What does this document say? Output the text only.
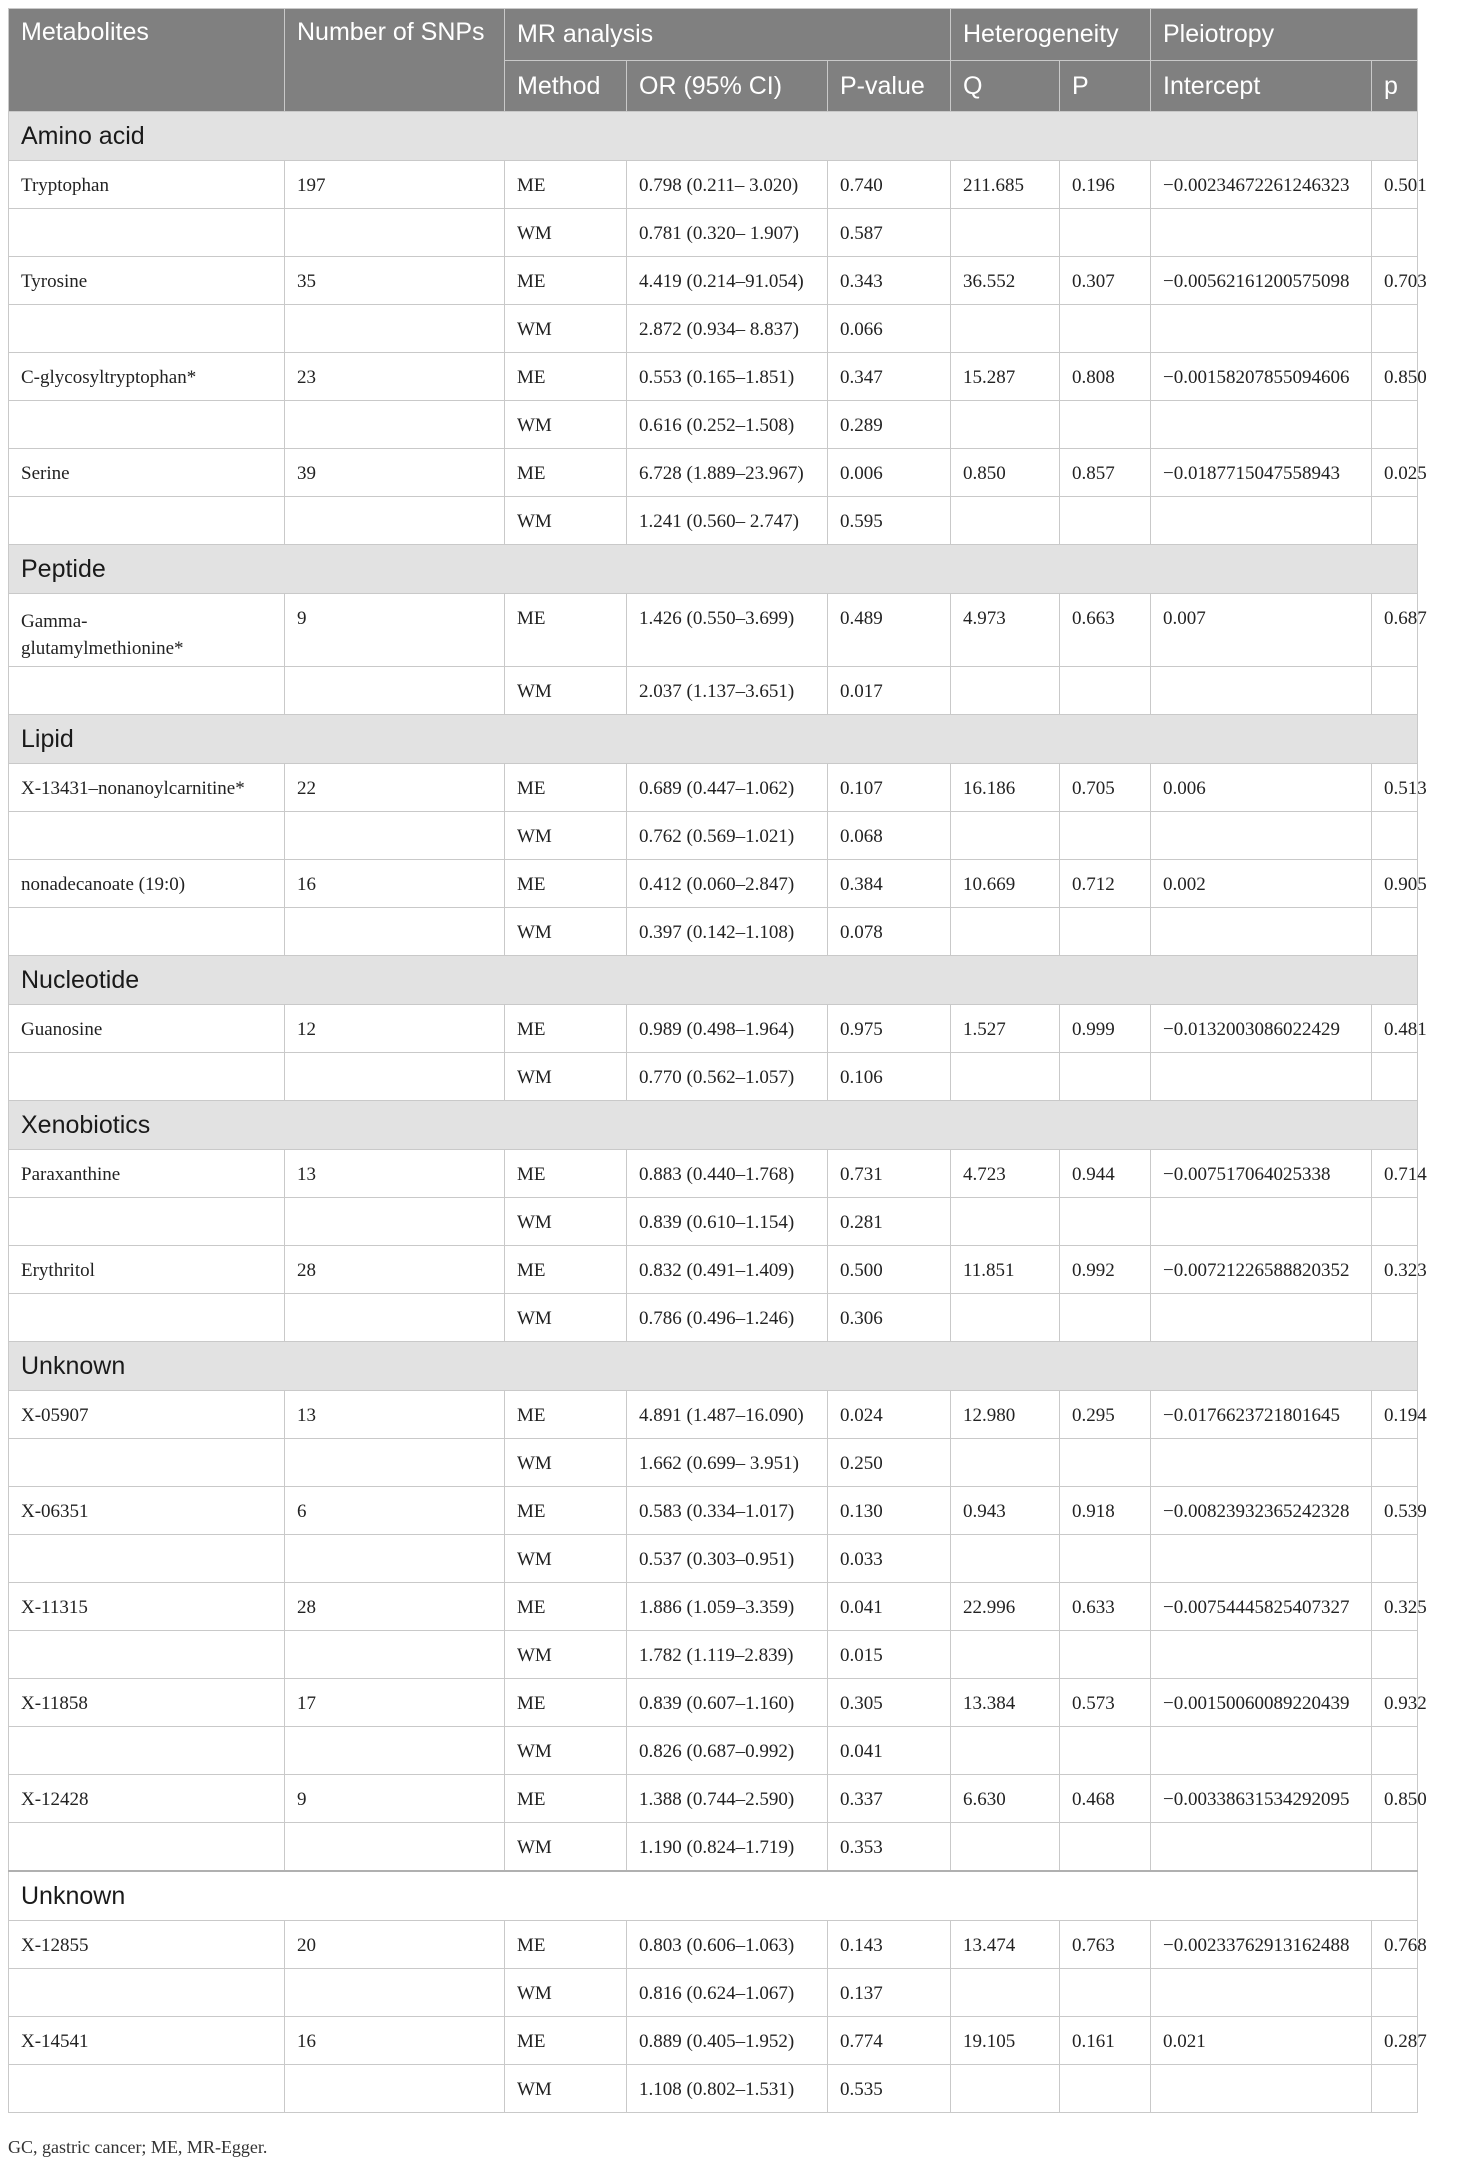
Metabolites	Number of SNPs	MR analysis			Heterogeneity		Pleiotropy	
		Method	OR (95% CI)	P-value	Q	P	Intercept	p
Amino acid								
Tryptophan	197	ME	0.798 (0.211– 3.020)	0.740	211.685	0.196	−0.00234672261246323	0.501
		WM	0.781 (0.320– 1.907)	0.587				
Tyrosine	35	ME	4.419 (0.214–91.054)	0.343	36.552	0.307	−0.00562161200575098	0.703
		WM	2.872 (0.934– 8.837)	0.066				
C-glycosyltryptophan*	23	ME	0.553 (0.165–1.851)	0.347	15.287	0.808	−0.00158207855094606	0.850
		WM	0.616 (0.252–1.508)	0.289				
Serine	39	ME	6.728 (1.889–23.967)	0.006	0.850	0.857	−0.0187715047558943	0.025
		WM	1.241 (0.560– 2.747)	0.595				
Peptide								
Gamma-
glutamylmethionine*	9	ME	1.426 (0.550–3.699)	0.489	4.973	0.663	0.007	0.687
		WM	2.037 (1.137–3.651)	0.017				
Lipid								
X-13431–nonanoylcarnitine*	22	ME	0.689 (0.447–1.062)	0.107	16.186	0.705	0.006	0.513
		WM	0.762 (0.569–1.021)	0.068				
nonadecanoate (19:0)	16	ME	0.412 (0.060–2.847)	0.384	10.669	0.712	0.002	0.905
		WM	0.397 (0.142–1.108)	0.078				
Nucleotide								
Guanosine	12	ME	0.989 (0.498–1.964)	0.975	1.527	0.999	−0.0132003086022429	0.481
		WM	0.770 (0.562–1.057)	0.106				
Xenobiotics								
Paraxanthine	13	ME	0.883 (0.440–1.768)	0.731	4.723	0.944	−0.007517064025338	0.714
		WM	0.839 (0.610–1.154)	0.281				
Erythritol	28	ME	0.832 (0.491–1.409)	0.500	11.851	0.992	−0.00721226588820352	0.323
		WM	0.786 (0.496–1.246)	0.306				
Unknown								
X-05907	13	ME	4.891 (1.487–16.090)	0.024	12.980	0.295	−0.0176623721801645	0.194
		WM	1.662 (0.699– 3.951)	0.250				
X-06351	6	ME	0.583 (0.334–1.017)	0.130	0.943	0.918	−0.00823932365242328	0.539
		WM	0.537 (0.303–0.951)	0.033				
X-11315	28	ME	1.886 (1.059–3.359)	0.041	22.996	0.633	−0.00754445825407327	0.325
		WM	1.782 (1.119–2.839)	0.015				
X-11858	17	ME	0.839 (0.607–1.160)	0.305	13.384	0.573	−0.00150060089220439	0.932
		WM	0.826 (0.687–0.992)	0.041				
X-12428	9	ME	1.388 (0.744–2.590)	0.337	6.630	0.468	−0.00338631534292095	0.850
		WM	1.190 (0.824–1.719)	0.353				
Unknown								
X-12855	20	ME	0.803 (0.606–1.063)	0.143	13.474	0.763	−0.00233762913162488	0.768
		WM	0.816 (0.624–1.067)	0.137				
X-14541	16	ME	0.889 (0.405–1.952)	0.774	19.105	0.161	0.021	0.287
		WM	1.108 (0.802–1.531)	0.535				
GC, gastric cancer; ME, MR-Egger.
